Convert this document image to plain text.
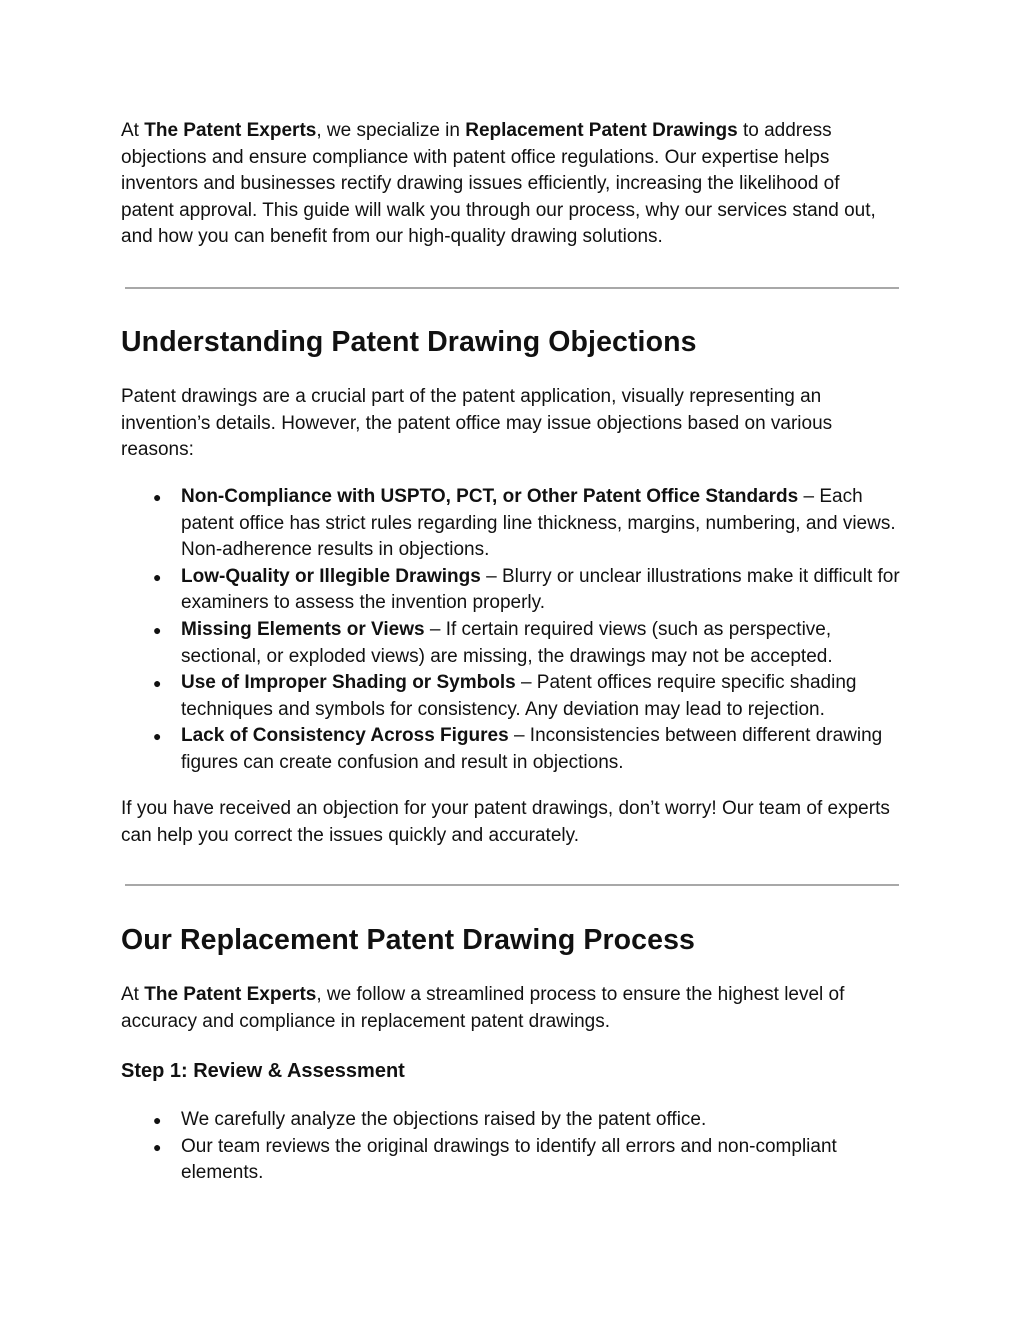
At The Patent Experts, we specialize in Replacement Patent Drawings to address objections and ensure compliance with patent office regulations. Our expertise helps inventors and businesses rectify drawing issues efficiently, increasing the likelihood of patent approval. This guide will walk you through our process, why our services stand out, and how you can benefit from our high-quality drawing solutions.

Understanding Patent Drawing Objections

Patent drawings are a crucial part of the patent application, visually representing an invention’s details. However, the patent office may issue objections based on various reasons:

● Non-Compliance with USPTO, PCT, or Other Patent Office Standards – Each patent office has strict rules regarding line thickness, margins, numbering, and views. Non-adherence results in objections.
● Low-Quality or Illegible Drawings – Blurry or unclear illustrations make it difficult for examiners to assess the invention properly.
● Missing Elements or Views – If certain required views (such as perspective, sectional, or exploded views) are missing, the drawings may not be accepted.
● Use of Improper Shading or Symbols – Patent offices require specific shading techniques and symbols for consistency. Any deviation may lead to rejection.
● Lack of Consistency Across Figures – Inconsistencies between different drawing figures can create confusion and result in objections.

If you have received an objection for your patent drawings, don’t worry! Our team of experts can help you correct the issues quickly and accurately.

Our Replacement Patent Drawing Process

At The Patent Experts, we follow a streamlined process to ensure the highest level of accuracy and compliance in replacement patent drawings.

Step 1: Review & Assessment
● We carefully analyze the objections raised by the patent office.
● Our team reviews the original drawings to identify all errors and non-compliant elements.
